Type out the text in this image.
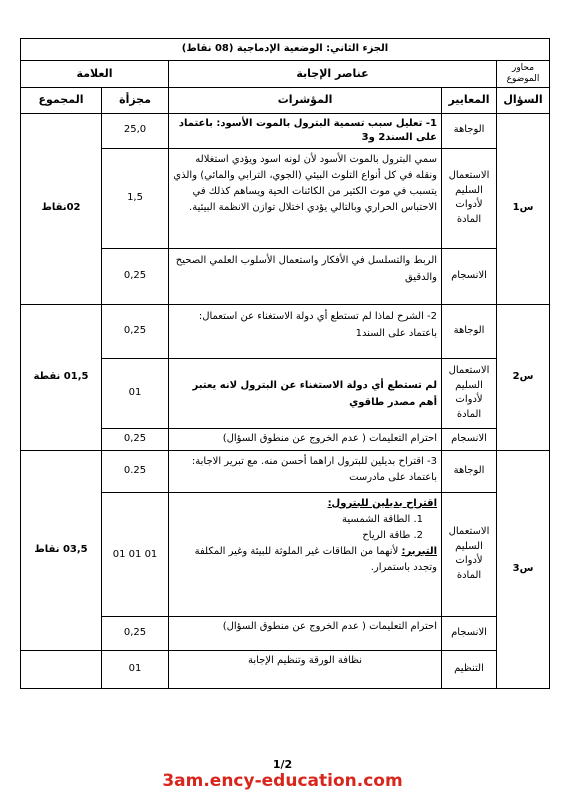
الجزء الثاني: الوضعية الإدماجية (08 نقاط)				
محاور الموضوع	عناصر الإجابة		العلامة	
السؤال	المعايير	المؤشرات	مجزأة	المجموع
س1	الوجاهة	1- تعليل سبب تسمية البترول بالموت الأسود: باعتماد على السند2 و3	25,0	02نقاط
	الاستعمال السليم لأدوات المادة	سمي البترول بالموت الأسود لأن لونه اسود ويؤدي استغلاله ونقله في كل أنواع التلوث البيئي (الجوي، الترابي والمائي) والذي يتسبب في موت الكثير من الكائنات الحية ويساهم كذلك في الاحتباس الحراري وبالتالي يؤدي اختلال توازن الانظمة البيئية.	1,5	
	الانسجام	الربط والتسلسل في الأفكار واستعمال الأسلوب العلمي الصحيح والدقيق	0,25	
س2	الوجاهة	2- الشرح لماذا لم تستطع أي دولة الاستغناء عن استعمال: باعتماد على السند1	0,25	01,5 نقطة
	الاستعمال السليم لأدوات المادة	لم تستطع أي دولة الاستغناء عن البترول لانه يعتبر أهم مصدر طاقوي	01	
	الانسجام	احترام التعليمات ( عدم الخروج عن منطوق السؤال)	0,25	
س3	الوجاهة	3- اقتراح بديلين للبترول اراهما أحسن منه. مع تبرير الاجابة: باعتماد على مادرست	0.25	03,5 نقاط
	الاستعمال السليم لأدوات المادة	اقتراح بديلين للبترول:
1. الطاقة الشمسية
2. طاقة الرياح
التبرير: لأنهما من الطاقات غير الملوثة للبيئة وغير المكلفة وتجدد باستمرار.	01 01 01	
	الانسجام	احترام التعليمات ( عدم الخروج عن منطوق السؤال)	0,25	
	التنظيم	نظافة الورقة وتنظيم الإجابة	01	
1/2
3am.ency-education.com
